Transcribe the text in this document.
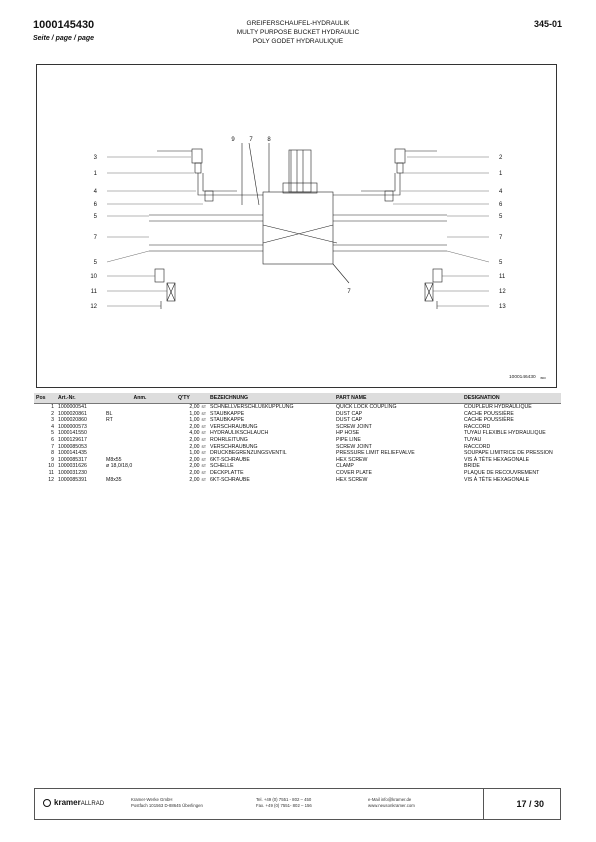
1000145430
Seite / page / page
GREIFERSCHAUFEL-HYDRAULIK
MULTY PURPOSE BUCKET HYDRAULIC
POLY GODET HYDRAULIQUE
345-01
3
1
4
6
5
7
5
10
11
12
2
1
4
6
5
7
5
11
12
13
9 7 8
7
1000146430 /800
Pos	Art.-Nr.	Anm.	Q'TY	BEZEICHNUNG	PART NAME	DESIGNATION
1	1000000541		2,00 ST	SCHNELLVERSCHLUßKUPPLUNG	QUICK LOCK COUPLING	COUPLEUR HYDRAULIQUE
2	1000020861	BL	1,00 ST	STAUBKAPPE	DUST CAP	CACHE POUSSIÈRE
3	1000020860	RT	1,00 ST	STAUBKAPPE	DUST CAP	CACHE POUSSIÈRE
4	1000000573		2,00 ST	VERSCHRAUBUNG	SCREW JOINT	RACCORD
5	1000141550		4,00 ST	HYDRAULIKSCHLAUCH	HP HOSE	TUYAU FLEXIBLE HYDRAULIQUE
6	1000129617		2,00 ST	ROHRLEITUNG	PIPE LINE	TUYAU
7	1000085053		2,00 ST	VERSCHRAUBUNG	SCREW JOINT	RACCORD
8	1000141435		1,00 ST	DRUCKBEGRENZUNGSVENTIL	PRESSURE LIMIT RELIEFVALVE	SOUPAPE LIMITRICE DE PRESSION
9	1000085317	M8x55	2,00 ST	6KT-SCHRAUBE	HEX SCREW	VIS À TÊTE HEXAGONALE
10	1000031626	ø 18,0/18,0	2,00 ST	SCHELLE	CLAMP	BRIDE
11	1000031230		2,00 ST	DECKPLATTE	COVER PLATE	PLAQUE DE RECOUVREMENT
12	1000085391	M8x35	2,00 ST	6KT-SCHRAUBE	HEX SCREW	VIS À TÊTE HEXAGONALE
kramerALLRAD
Kramer-Werke GmbH
Postfach 101563 D-88645 Überlingen
Tel. +49 (0) 7551 - 802 – 450
Fax. +49 (0) 7551- 802 – 156
e-Mail info@kramer.de
www.neusonkramer.com	17 / 30
